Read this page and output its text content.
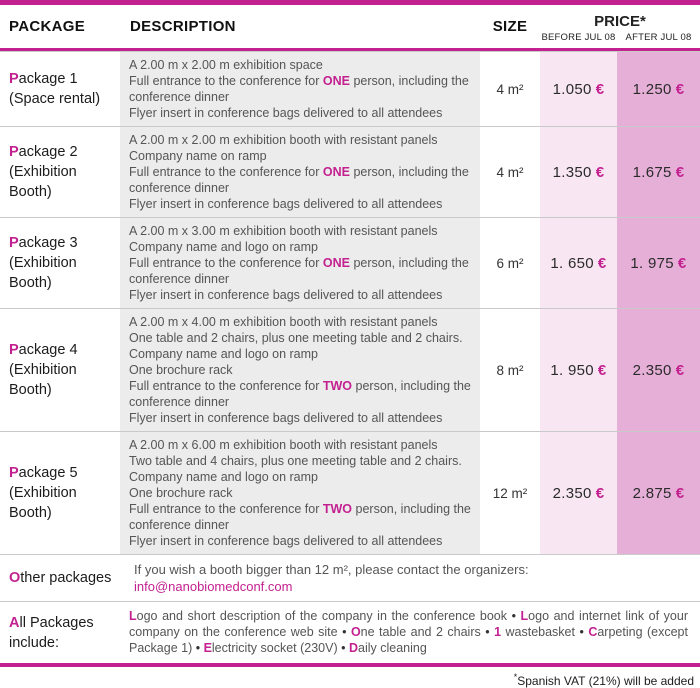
PACKAGE	DESCRIPTION	SIZE	PRICE*
BEFORE JUL 08	AFTER JUL 08
Package 1
(Space rental)
A 2.00 m x 2.00 m exhibition space
Full entrance to the conference for ONE person, including the
conference dinner
Flyer insert in conference bags delivered to all attendees
4 m²	1.050 € 1.250 €
Package 2
(Exhibition Booth)
A 2.00 m x 2.00 m exhibition booth with resistant panels
Company name on ramp
Full entrance to the conference for ONE person, including the
conference dinner
Flyer insert in conference bags delivered to all attendees
4 m²	1.350 € 1.675 €
Package 3
(Exhibition Booth)
A 2.00 m x 3.00 m exhibition booth with resistant panels
Company name and logo on ramp
Full entrance to the conference for ONE person, including the
conference dinner
Flyer insert in conference bags delivered to all attendees
6 m²	1. 650 € 1. 975 €
Package 4
(Exhibition Booth)
A 2.00 m x 4.00 m exhibition booth with resistant panels
One table and 2 chairs, plus one meeting table and 2 chairs.
Company name and logo on ramp
One brochure rack
Full entrance to the conference for TWO person, including the
conference dinner
Flyer insert in conference bags delivered to all attendees
8 m²	1. 950 € 2.350 €
Package 5
(Exhibition Booth)
A 2.00 m x 6.00 m exhibition booth with resistant panels
Two table and 4 chairs, plus one meeting table and 2 chairs.
Company name and logo on ramp
One brochure rack
Full entrance to the conference for TWO person, including the
conference dinner
Flyer insert in conference bags delivered to all attendees
12 m²	2.350 € 2.875 €
Other packages
If you wish a booth bigger than 12 m², please contact the organizers:
info@nanobiomedconf.com
All Packages
include:
Logo and short description of the company in the conference book • Logo and internet link of your company on the conference web site • One table and 2 chairs • 1 wastebasket • Carpeting (except Package 1) • Electricity socket (230V) • Daily cleaning
*Spanish VAT (21%) will be added
